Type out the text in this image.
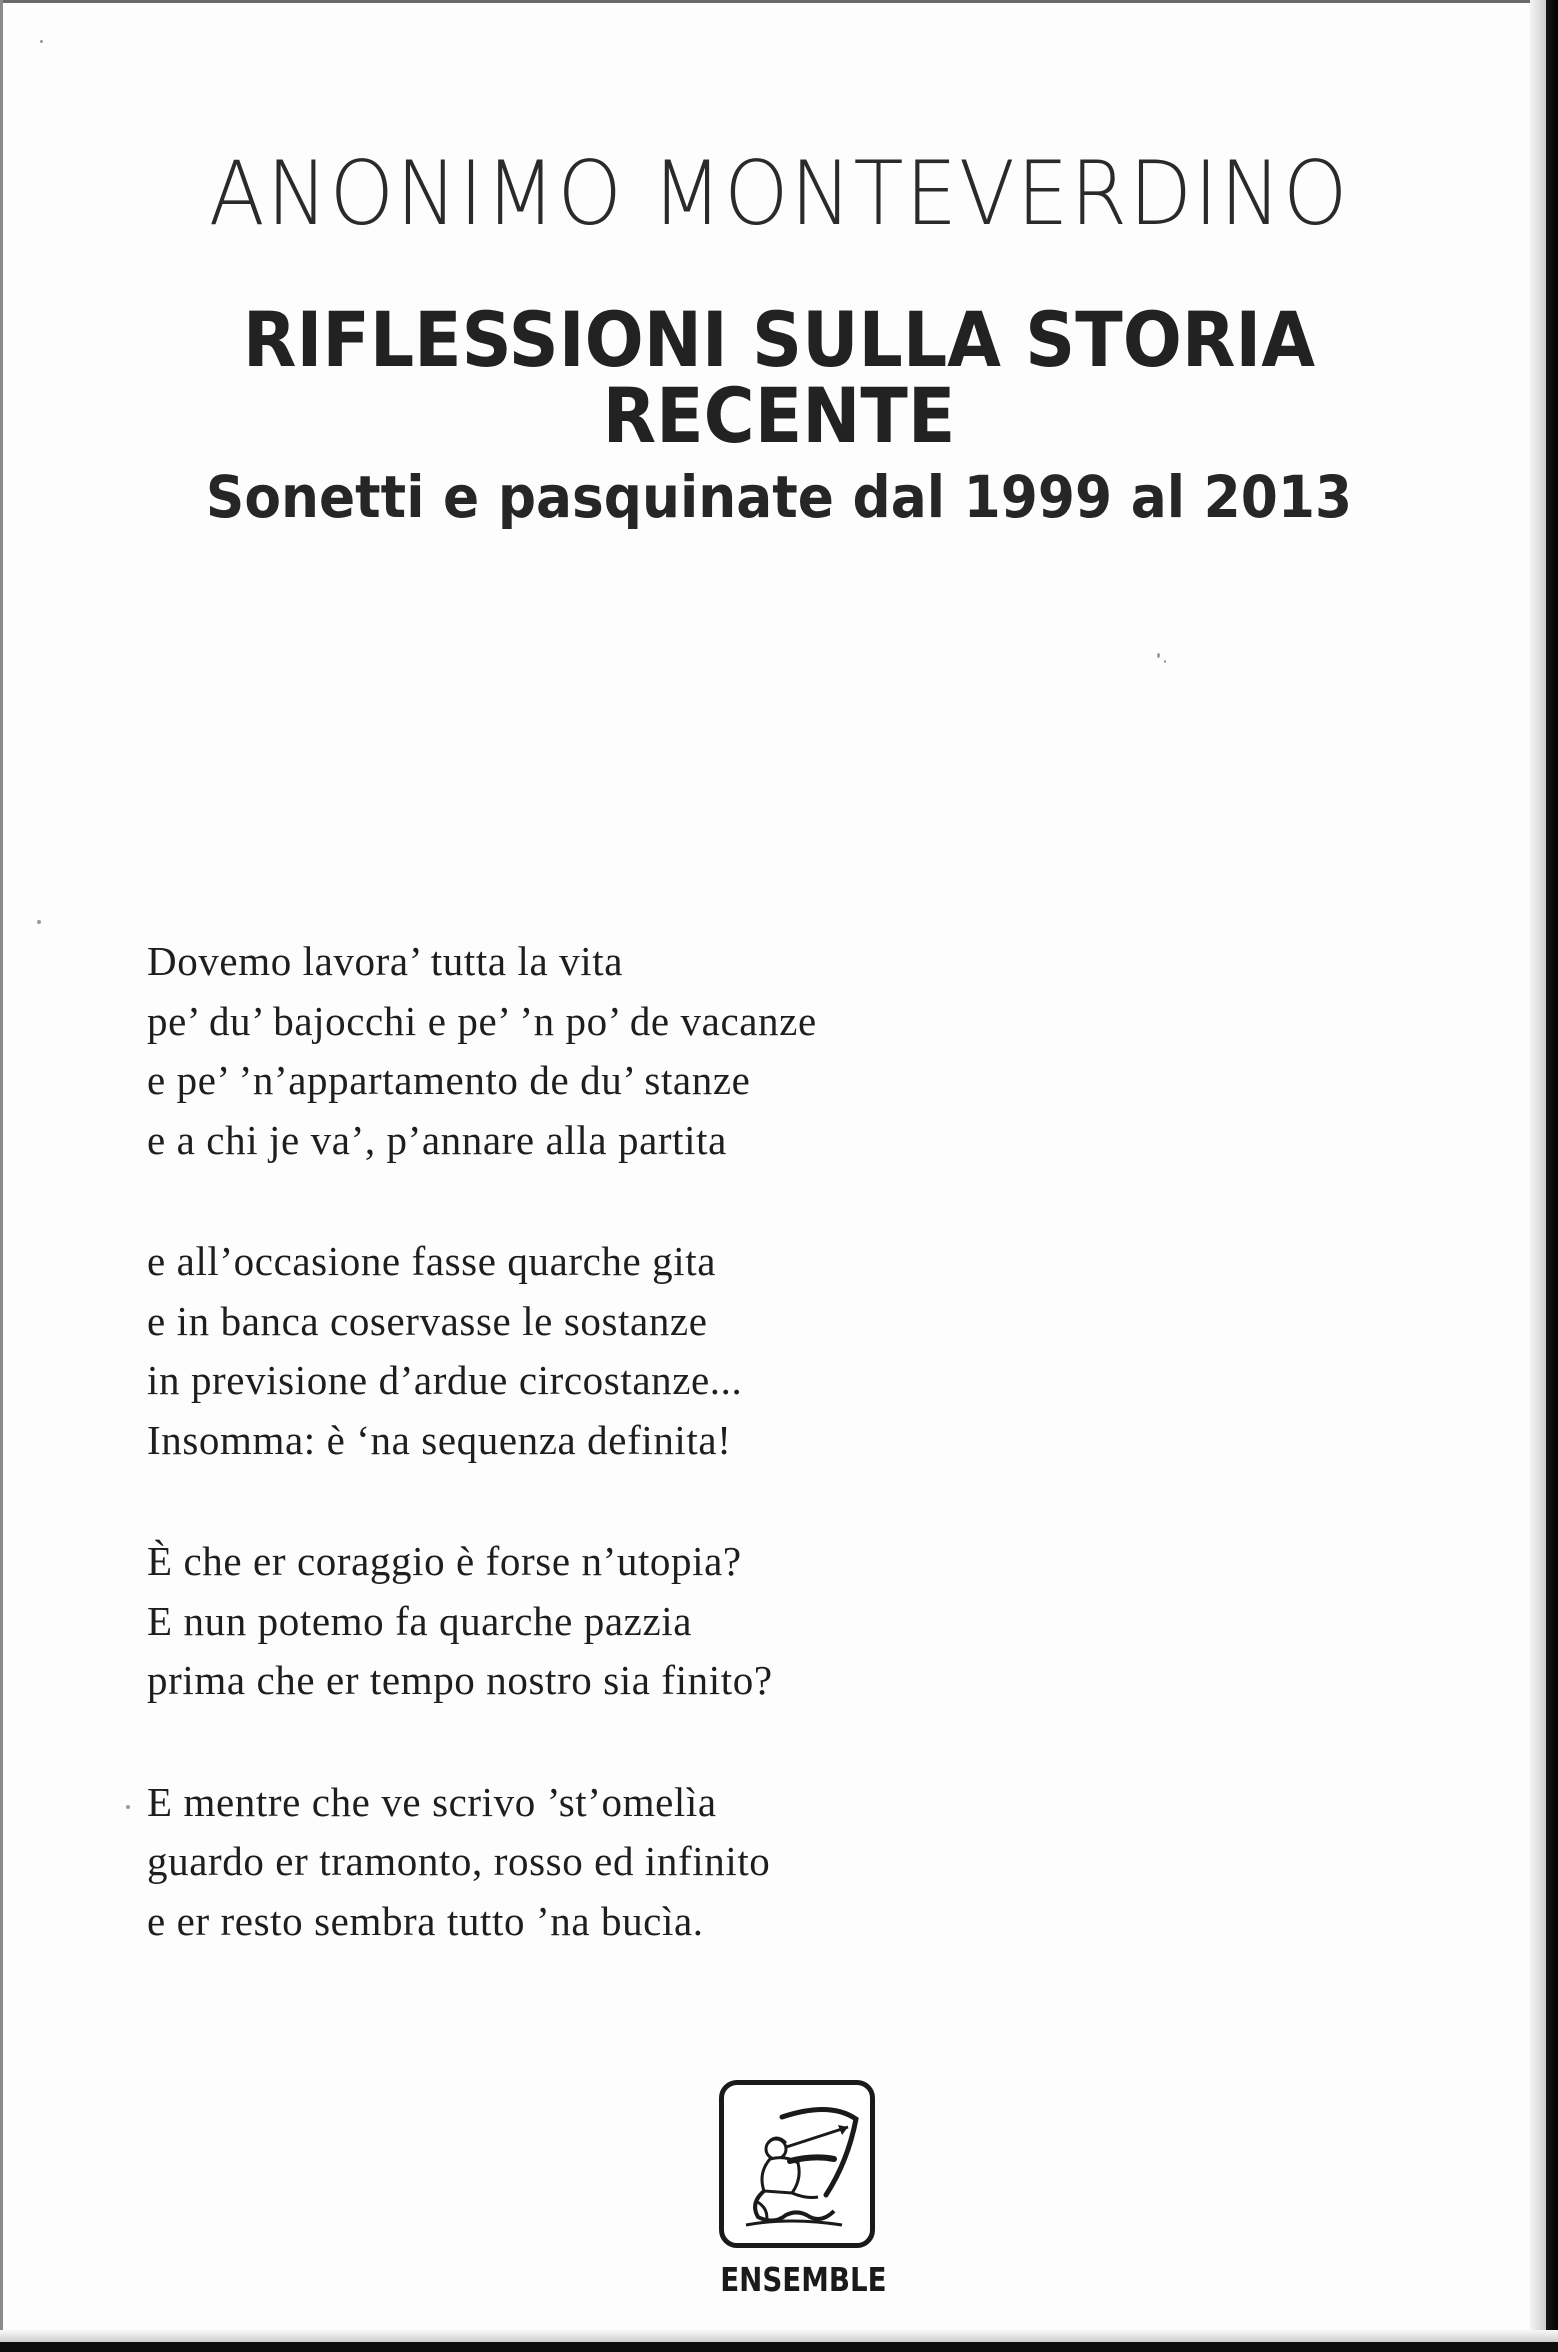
ANONIMO MONTEVERDINO
RIFLESSIONI SULLA STORIA RECENTE
Sonetti e pasquinate dal 1999 al 2013
Dovemo lavora’ tutta la vita
pe’ du’ bajocchi e pe’ ’n po’ de vacanze
e pe’ ’n’appartamento de du’ stanze
e a chi je va’, p’annare alla partita
e all’occasione fasse quarche gita
e in banca coservasse le sostanze
in previsione d’ardue circostanze...
Insomma: è ‘na sequenza definita!
È che er coraggio è forse n’utopia?
E nun potemo fa quarche pazzia
prima che er tempo nostro sia finito?
E mentre che ve scrivo ’st’omelìa
guardo er tramonto, rosso ed infinito
e er resto sembra tutto ’na bucìa.
ENSEMBLE
